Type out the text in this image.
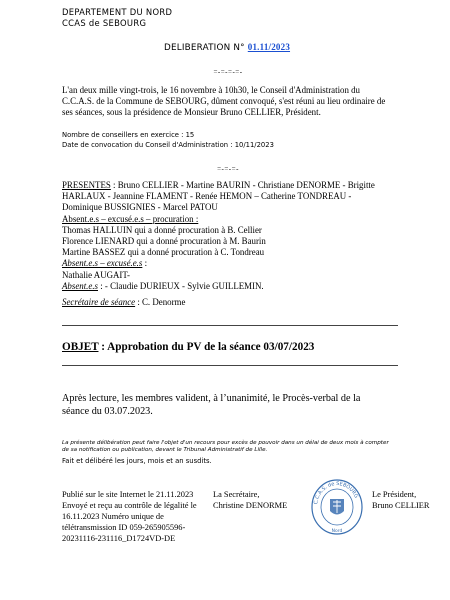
DEPARTEMENT DU NORD
CCAS de SEBOURG
DELIBERATION N° 01.11/2023
=-=-=-=-
L'an deux mille vingt-trois, le 16 novembre à 10h30, le Conseil d'Administration du
C.C.A.S. de la Commune de SEBOURG, dûment convoqué, s'est réuni au lieu ordinaire de
ses séances, sous la présidence de Monsieur Bruno CELLIER, Président.
Nombre de conseillers en exercice : 15
Date de convocation du Conseil d'Administration : 10/11/2023
=-=-=-
PRESENTES : Bruno CELLIER - Martine BAURIN - Christiane DENORME - Brigitte
HARLAUX - Jeannine FLAMENT - Renée HEMON – Catherine TONDREAU -
Dominique BUSSIGNIES - Marcel PATOU
Absent.e.s – excusé.e.s – procuration :
Thomas HALLUIN qui a donné procuration à B. Cellier
Florence LIENARD qui a donné procuration à M. Baurin
Martine BASSEZ qui a donné procuration à C. Tondreau
Absent.e.s – excusé.e.s :
Nathalie AUGAIT-
Absent.e.s : - Claudie DURIEUX - Sylvie GUILLEMIN.
Secrétaire de séance : C. Denorme
OBJET : Approbation du PV de la séance 03/07/2023
Après lecture, les membres valident, à l’unanimité, le Procès-verbal de la
séance du 03.07.2023.
La présente délibération peut faire l'objet d'un recours pour excès de pouvoir dans un délai de deux mois à compter
de sa notification ou publication, devant le Tribunal Administratif de Lille.
Fait et délibéré les jours, mois et an susdits.
Publié sur le site Internet le 21.11.2023
Envoyé et reçu au contrôle de légalité le
16.11.2023 Numéro unique de
télétransmission ID 059-265905596-
20231116-231116_D1724VD-DE
La Secrétaire,
Christine DENORME	C.C.A.S. de SEBOURG
Nord
Le Président,
Bruno CELLIER
